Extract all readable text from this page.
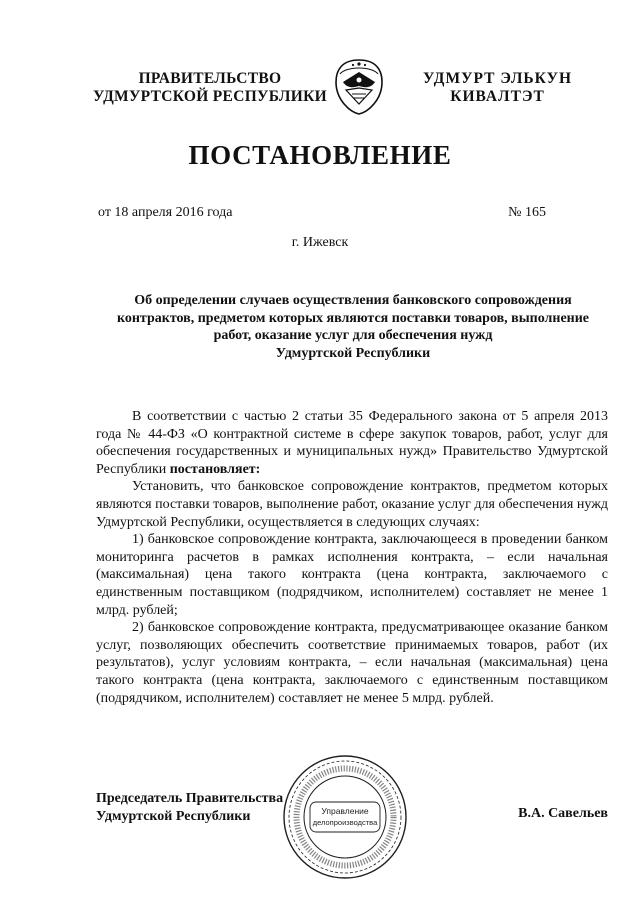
ПРАВИТЕЛЬСТВО
УДМУРТСКОЙ РЕСПУБЛИКИ
УДМУРТ ЭЛЬКУН
КИВАЛТЭТ
ПОСТАНОВЛЕНИЕ
от 18 апреля 2016 года	№ 165
г. Ижевск
Об определении случаев осуществления банковского сопровождения
контрактов, предметом которых являются поставки товаров, выполнение
работ, оказание услуг для обеспечения нужд
Удмуртской Республики

В соответствии с частью 2 статьи 35 Федерального закона от 5 апреля 2013 года № 44-ФЗ «О контрактной системе в сфере закупок товаров, работ, услуг для обеспечения государственных и муниципальных нужд» Правительство Удмуртской Республики постановляет:

Установить, что банковское сопровождение контрактов, предметом которых являются поставки товаров, выполнение работ, оказание услуг для обеспечения нужд Удмуртской Республики, осуществляется в следующих случаях:

1) банковское сопровождение контракта, заключающееся в проведении банком мониторинга расчетов в рамках исполнения контракта, – если начальная (максимальная) цена такого контракта (цена контракта, заключаемого с единственным поставщиком (подрядчиком, исполнителем) составляет не менее 1 млрд. рублей;

2) банковское сопровождение контракта, предусматривающее оказание банком услуг, позволяющих обеспечить соответствие принимаемых товаров, работ (их результатов), услуг условиям контракта, – если начальная (максимальная) цена такого контракта (цена контракта, заключаемого с единственным поставщиком (подрядчиком, исполнителем) составляет не менее 5 млрд. рублей.

Председатель Правительства
Удмуртской Республики	В.А. Савельев
Управление
делопроизводства
